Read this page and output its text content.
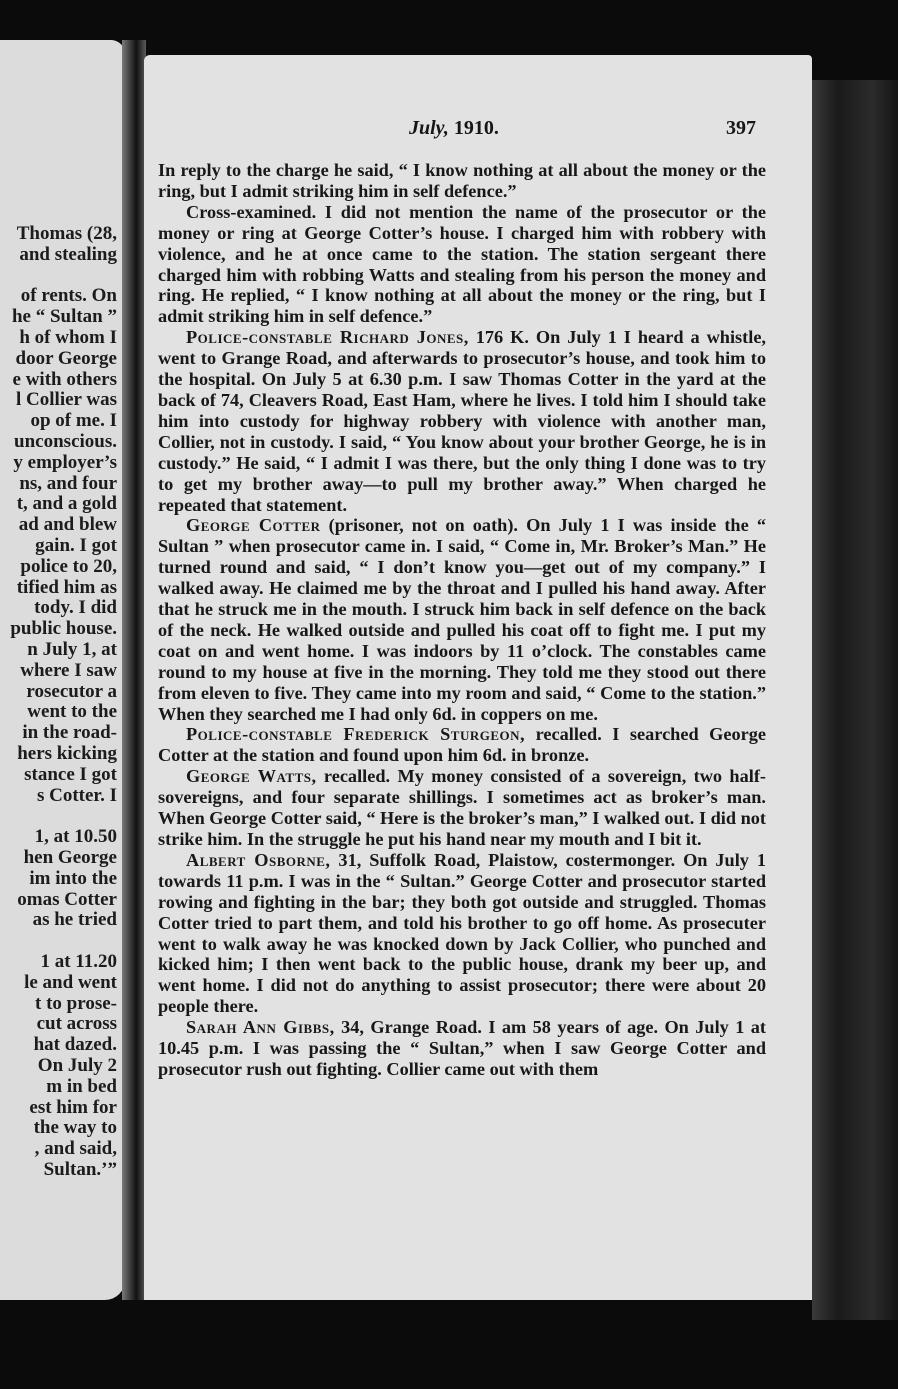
Thomas (28,
and stealing
of rents. On
he “ Sultan ”
h of whom I
door George
e with others
l Collier was
op of me. I
unconscious.
y employer’s
ns, and four
t, and a gold
ad and blew
gain. I got
police to 20,
tified him as
tody. I did
public house.
n July 1, at
where I saw
rosecutor a
went to the
in the road-
hers kicking
stance I got
s Cotter. I
1, at 10.50
hen George
im into the
omas Cotter
as he tried
1 at 11.20
le and went
t to prose-
cut across
hat dazed.
On July 2
m in bed
est him for
the way to
, and said,
Sultan.’”
July, 1910.	397

In reply to the charge he said, “ I know nothing at all about the money or the ring, but I admit striking him in self defence.”

Cross-examined. I did not mention the name of the prosecutor or the money or ring at George Cotter’s house. I charged him with robbery with violence, and he at once came to the station. The station sergeant there charged him with robbing Watts and stealing from his person the money and ring. He replied, “ I know nothing at all about the money or the ring, but I admit striking him in self defence.”

Police-constable Richard Jones, 176 K. On July 1 I heard a whistle, went to Grange Road, and afterwards to prosecutor’s house, and took him to the hospital. On July 5 at 6.30 p.m. I saw Thomas Cotter in the yard at the back of 74, Cleavers Road, East Ham, where he lives. I told him I should take him into custody for highway robbery with violence with another man, Collier, not in custody. I said, “ You know about your brother George, he is in custody.” He said, “ I admit I was there, but the only thing I done was to try to get my brother away—to pull my brother away.” When charged he repeated that statement.

George Cotter (prisoner, not on oath). On July 1 I was inside the “ Sultan ” when prosecutor came in. I said, “ Come in, Mr. Broker’s Man.” He turned round and said, “ I don’t know you—get out of my company.” I walked away. He claimed me by the throat and I pulled his hand away. After that he struck me in the mouth. I struck him back in self defence on the back of the neck. He walked outside and pulled his coat off to fight me. I put my coat on and went home. I was indoors by 11 o’clock. The constables came round to my house at five in the morning. They told me they stood out there from eleven to five. They came into my room and said, “ Come to the station.” When they searched me I had only 6d. in coppers on me.

Police-constable Frederick Sturgeon, recalled. I searched George Cotter at the station and found upon him 6d. in bronze.

George Watts, recalled. My money consisted of a sovereign, two half-sovereigns, and four separate shillings. I sometimes act as broker’s man. When George Cotter said, “ Here is the broker’s man,” I walked out. I did not strike him. In the struggle he put his hand near my mouth and I bit it.

Albert Osborne, 31, Suffolk Road, Plaistow, costermonger. On July 1 towards 11 p.m. I was in the “ Sultan.” George Cotter and prosecutor started rowing and fighting in the bar; they both got outside and struggled. Thomas Cotter tried to part them, and told his brother to go off home. As prosecuter went to walk away he was knocked down by Jack Collier, who punched and kicked him; I then went back to the public house, drank my beer up, and went home. I did not do anything to assist prosecutor; there were about 20 people there.

Sarah Ann Gibbs, 34, Grange Road. I am 58 years of age. On July 1 at 10.45 p.m. I was passing the “ Sultan,” when I saw George Cotter and prosecutor rush out fighting. Collier came out with them
